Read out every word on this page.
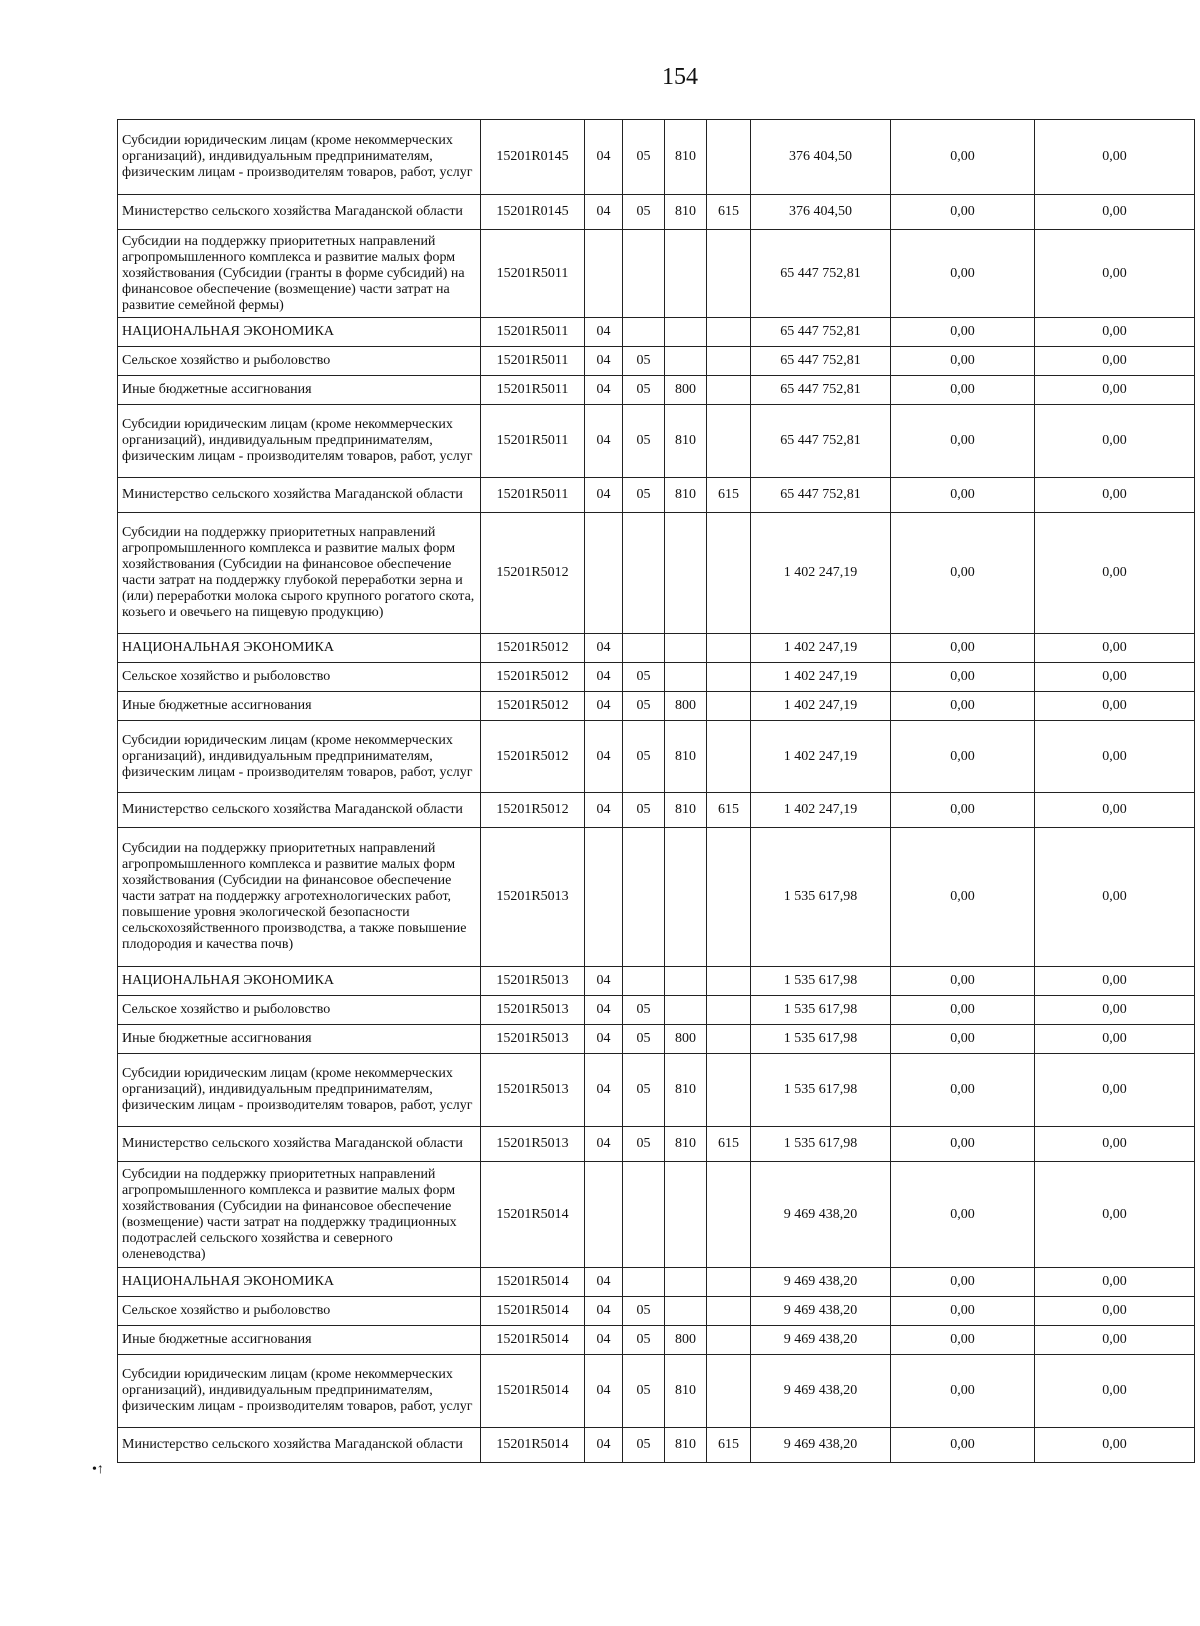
154
Субсидии юридическим лицам (кроме некоммерческих организаций), индивидуальным предпринимателям, физическим лицам - производителям товаров, работ, услуг	15201R0145	04	05	810		376 404,50	0,00	0,00
Министерство сельского хозяйства Магаданской области	15201R0145	04	05	810	615	376 404,50	0,00	0,00
Субсидии на поддержку приоритетных направлений агропромышленного комплекса и развитие малых форм хозяйствования (Субсидии (гранты в форме субсидий) на финансовое обеспечение (возмещение) части затрат на развитие семейной фермы)	15201R5011					65 447 752,81	0,00	0,00
НАЦИОНАЛЬНАЯ ЭКОНОМИКА	15201R5011	04				65 447 752,81	0,00	0,00
Сельское хозяйство и рыболовство	15201R5011	04	05			65 447 752,81	0,00	0,00
Иные бюджетные ассигнования	15201R5011	04	05	800		65 447 752,81	0,00	0,00
Субсидии юридическим лицам (кроме некоммерческих организаций), индивидуальным предпринимателям, физическим лицам - производителям товаров, работ, услуг	15201R5011	04	05	810		65 447 752,81	0,00	0,00
Министерство сельского хозяйства Магаданской области	15201R5011	04	05	810	615	65 447 752,81	0,00	0,00
Субсидии на поддержку приоритетных направлений агропромышленного комплекса и развитие малых форм хозяйствования (Субсидии на финансовое обеспечение части затрат на поддержку глубокой переработки зерна и (или) переработки молока сырого крупного рогатого скота, козьего и овечьего на пищевую продукцию)	15201R5012					1 402 247,19	0,00	0,00
НАЦИОНАЛЬНАЯ ЭКОНОМИКА	15201R5012	04				1 402 247,19	0,00	0,00
Сельское хозяйство и рыболовство	15201R5012	04	05			1 402 247,19	0,00	0,00
Иные бюджетные ассигнования	15201R5012	04	05	800		1 402 247,19	0,00	0,00
Субсидии юридическим лицам (кроме некоммерческих организаций), индивидуальным предпринимателям, физическим лицам - производителям товаров, работ, услуг	15201R5012	04	05	810		1 402 247,19	0,00	0,00
Министерство сельского хозяйства Магаданской области	15201R5012	04	05	810	615	1 402 247,19	0,00	0,00
Субсидии на поддержку приоритетных направлений агропромышленного комплекса и развитие малых форм хозяйствования (Субсидии на финансовое обеспечение части затрат на поддержку агротехнологических работ, повышение уровня экологической безопасности сельскохозяйственного производства, а также повышение плодородия и качества почв)	15201R5013					1 535 617,98	0,00	0,00
НАЦИОНАЛЬНАЯ ЭКОНОМИКА	15201R5013	04				1 535 617,98	0,00	0,00
Сельское хозяйство и рыболовство	15201R5013	04	05			1 535 617,98	0,00	0,00
Иные бюджетные ассигнования	15201R5013	04	05	800		1 535 617,98	0,00	0,00
Субсидии юридическим лицам (кроме некоммерческих организаций), индивидуальным предпринимателям, физическим лицам - производителям товаров, работ, услуг	15201R5013	04	05	810		1 535 617,98	0,00	0,00
Министерство сельского хозяйства Магаданской области	15201R5013	04	05	810	615	1 535 617,98	0,00	0,00
Субсидии на поддержку приоритетных направлений агропромышленного комплекса и развитие малых форм хозяйствования (Субсидии на финансовое обеспечение (возмещение) части затрат на поддержку традиционных подотраслей сельского хозяйства и северного оленеводства)	15201R5014					9 469 438,20	0,00	0,00
НАЦИОНАЛЬНАЯ ЭКОНОМИКА	15201R5014	04				9 469 438,20	0,00	0,00
Сельское хозяйство и рыболовство	15201R5014	04	05			9 469 438,20	0,00	0,00
Иные бюджетные ассигнования	15201R5014	04	05	800		9 469 438,20	0,00	0,00
Субсидии юридическим лицам (кроме некоммерческих организаций), индивидуальным предпринимателям, физическим лицам - производителям товаров, работ, услуг	15201R5014	04	05	810		9 469 438,20	0,00	0,00
Министерство сельского хозяйства Магаданской области	15201R5014	04	05	810	615	9 469 438,20	0,00	0,00
•↑
